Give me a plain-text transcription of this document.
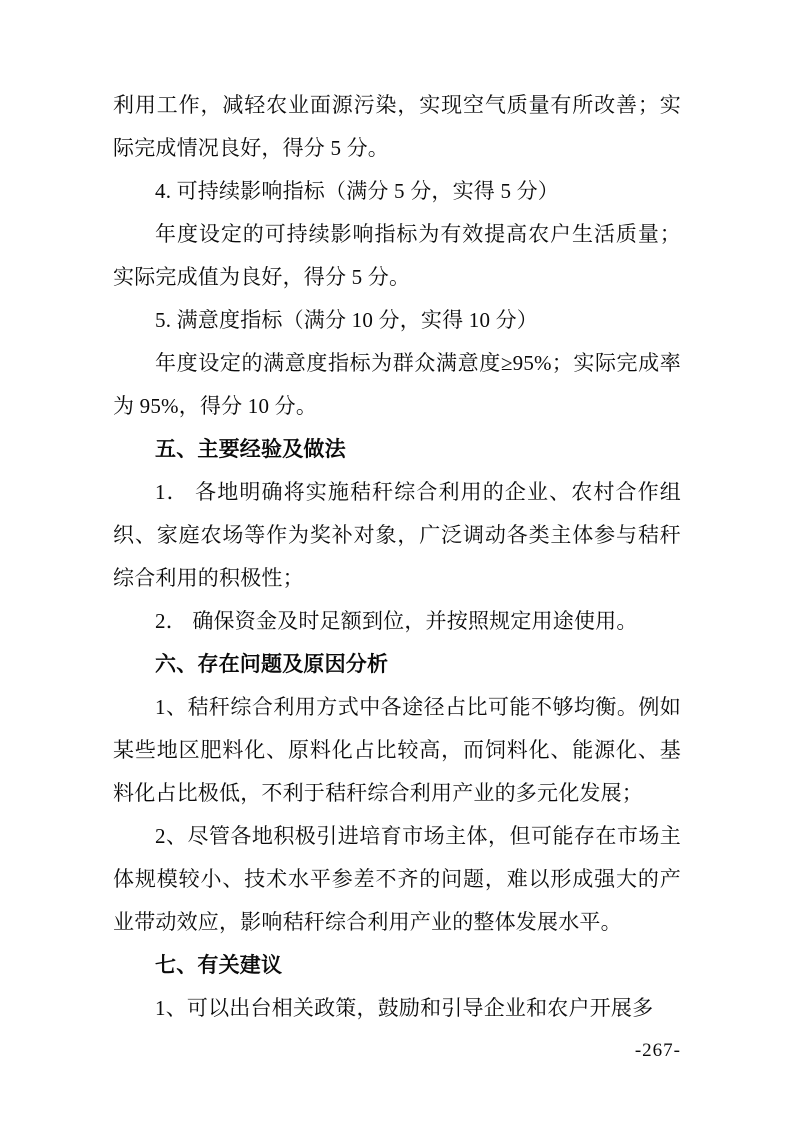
利用工作，减轻农业面源污染，实现空气质量有所改善；实际完成情况良好，得分 5 分。

4. 可持续影响指标（满分 5 分，实得 5 分）

年度设定的可持续影响指标为有效提高农户生活质量；实际完成值为良好，得分 5 分。

5. 满意度指标（满分 10 分，实得 10 分）

年度设定的满意度指标为群众满意度≥95%；实际完成率为 95%，得分 10 分。

五、主要经验及做法

1． 各地明确将实施秸秆综合利用的企业、农村合作组织、家庭农场等作为奖补对象，广泛调动各类主体参与秸秆综合利用的积极性；

2． 确保资金及时足额到位，并按照规定用途使用。

六、存在问题及原因分析

1、秸秆综合利用方式中各途径占比可能不够均衡。例如某些地区肥料化、原料化占比较高，而饲料化、能源化、基料化占比极低，不利于秸秆综合利用产业的多元化发展；

2、尽管各地积极引进培育市场主体，但可能存在市场主体规模较小、技术水平参差不齐的问题，难以形成强大的产业带动效应，影响秸秆综合利用产业的整体发展水平。

七、有关建议

1、可以出台相关政策，鼓励和引导企业和农户开展多

-267-
